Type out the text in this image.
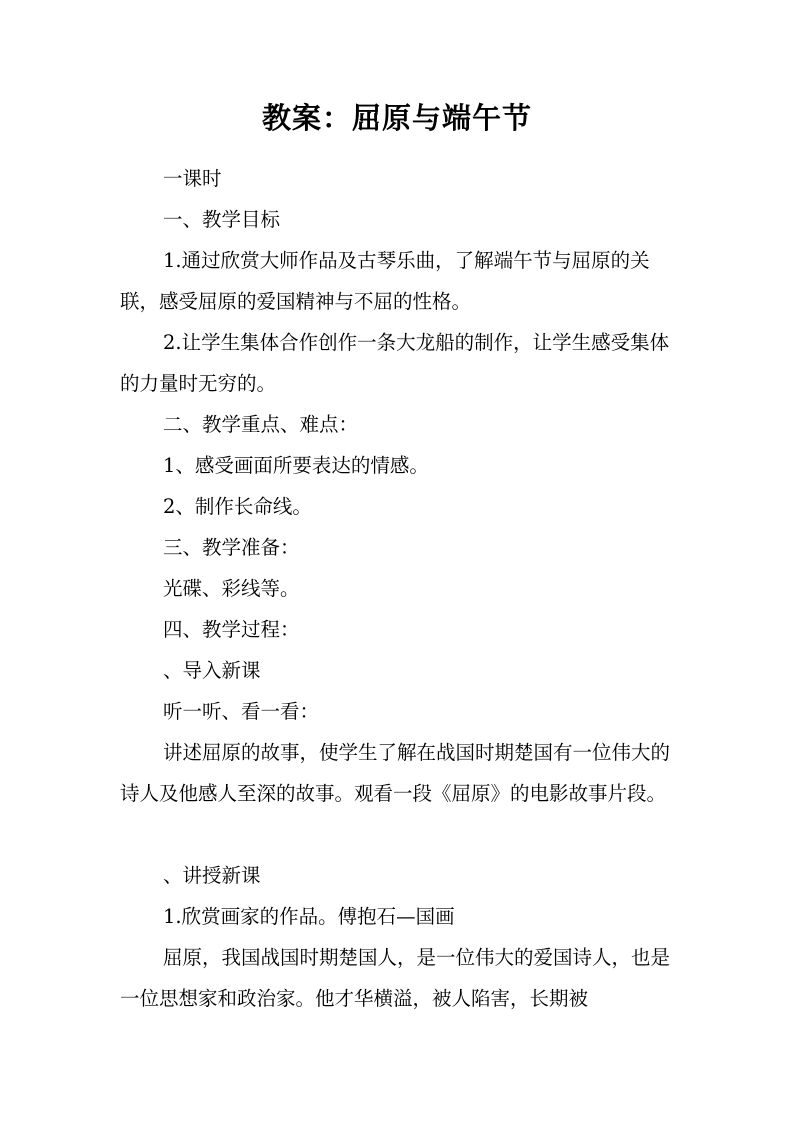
教案：屈原与端午节

一课时

一、教学目标

1.通过欣赏大师作品及古琴乐曲，了解端午节与屈原的关联，感受屈原的爱国精神与不屈的性格。

2.让学生集体合作创作一条大龙船的制作，让学生感受集体的力量时无穷的。

二、教学重点、难点：

1、感受画面所要表达的情感。

2、制作长命线。

三、教学准备：

光碟、彩线等。

四、教学过程：

、导入新课

听一听、看一看：

讲述屈原的故事，使学生了解在战国时期楚国有一位伟大的诗人及他感人至深的故事。观看一段《屈原》的电影故事片段。

、讲授新课

1.欣赏画家的作品。傅抱石—国画

屈原，我国战国时期楚国人，是一位伟大的爱国诗人，也是一位思想家和政治家。他才华横溢，被人陷害，长期被
